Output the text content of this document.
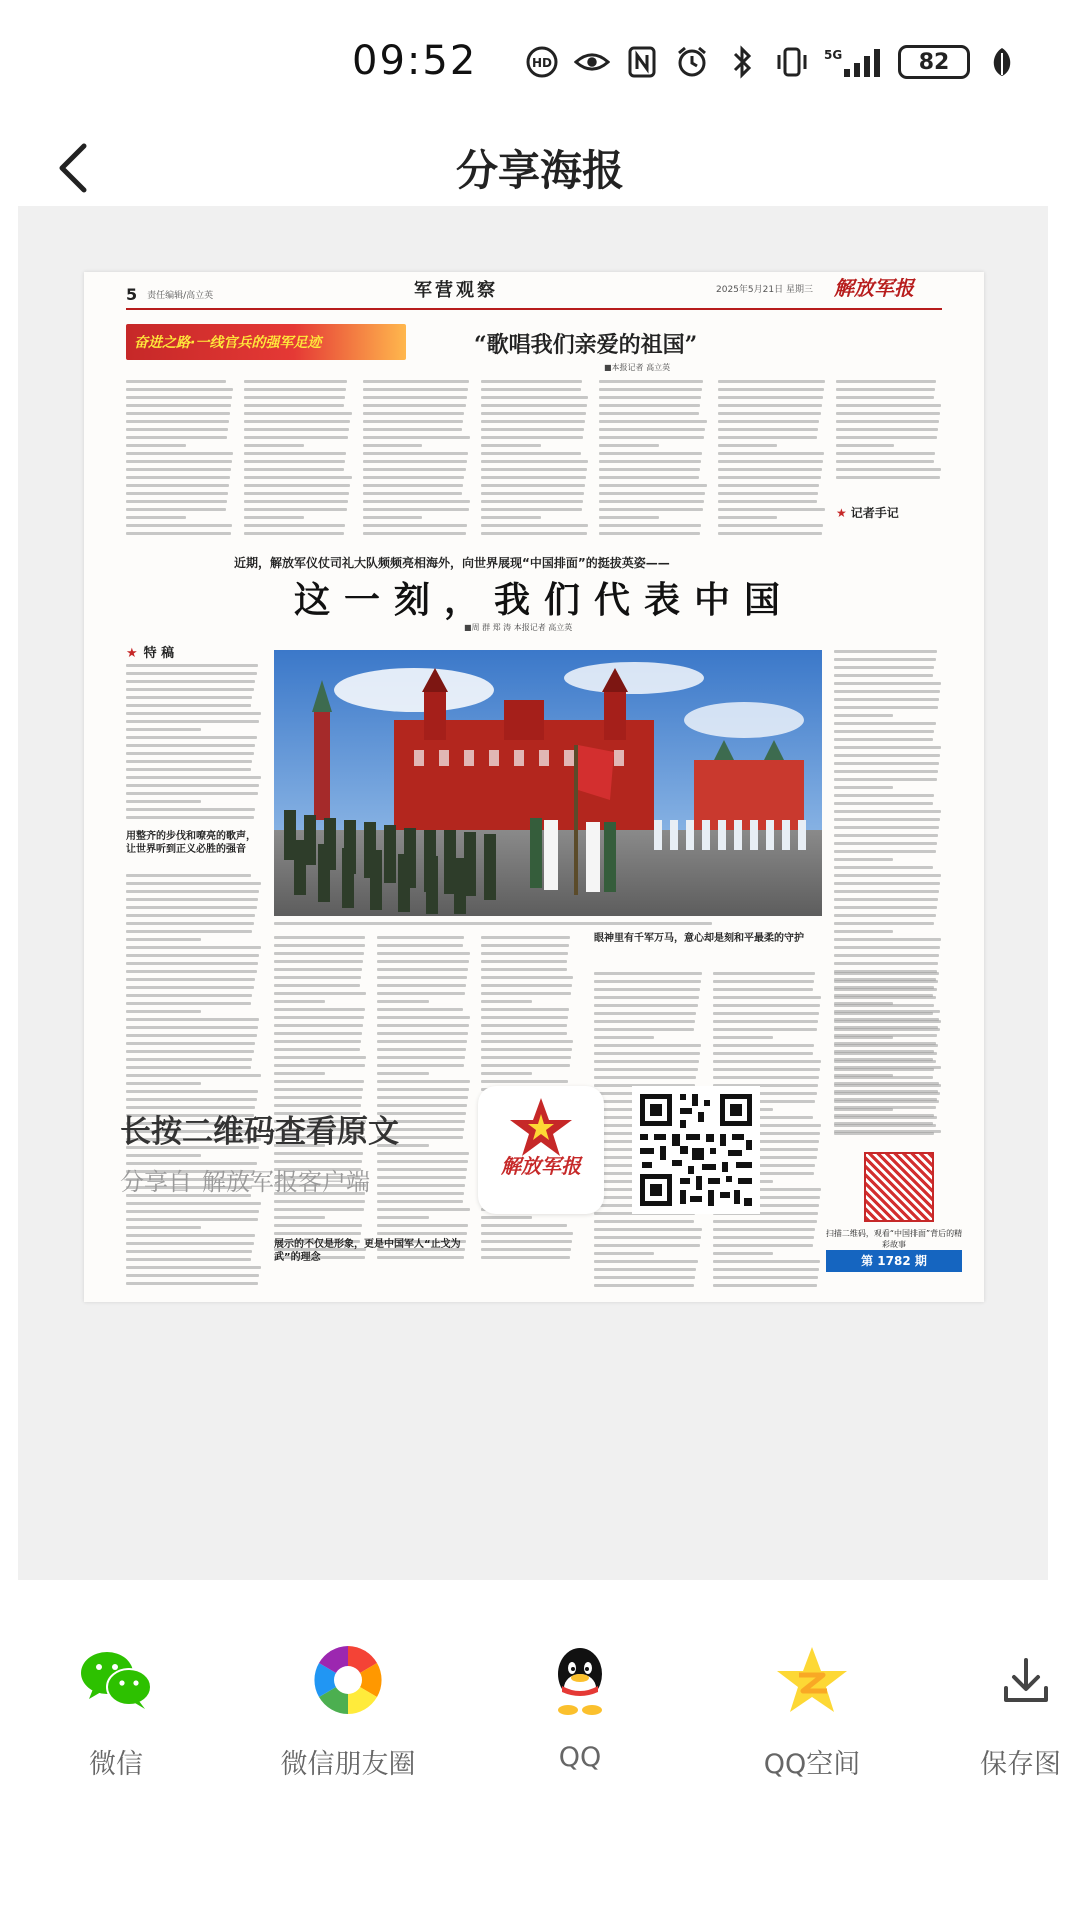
09:52	HD
5G	82
分享海报
5 责任编辑/高立英	军营观察	2025年5月21日 星期三 解放军报
奋进之路·一线官兵的强军足迹	“歌唱我们亲爱的祖国”
■本报记者 高立英
★ 记者手记
近期，解放军仪仗司礼大队频频亮相海外，向世界展现“中国排面”的挺拔英姿——
这一刻，我们代表中国
■周 群 郑 涛 本报记者 高立英
★ 特 稿
用整齐的步伐和嘹亮的歌声，让世界听到正义必胜的强音
展示的不仅是形象，更是中国军人“止戈为武”的理念
眼神里有千军万马，意心却是刻和平最柔的守护
扫描二维码，观看“中国排面”背后的精彩故事
第 1782 期
长按二维码查看原文
分享自 解放军报客户端
解放军报
微信	微信朋友圈	QQ	QQ空间	保存图
